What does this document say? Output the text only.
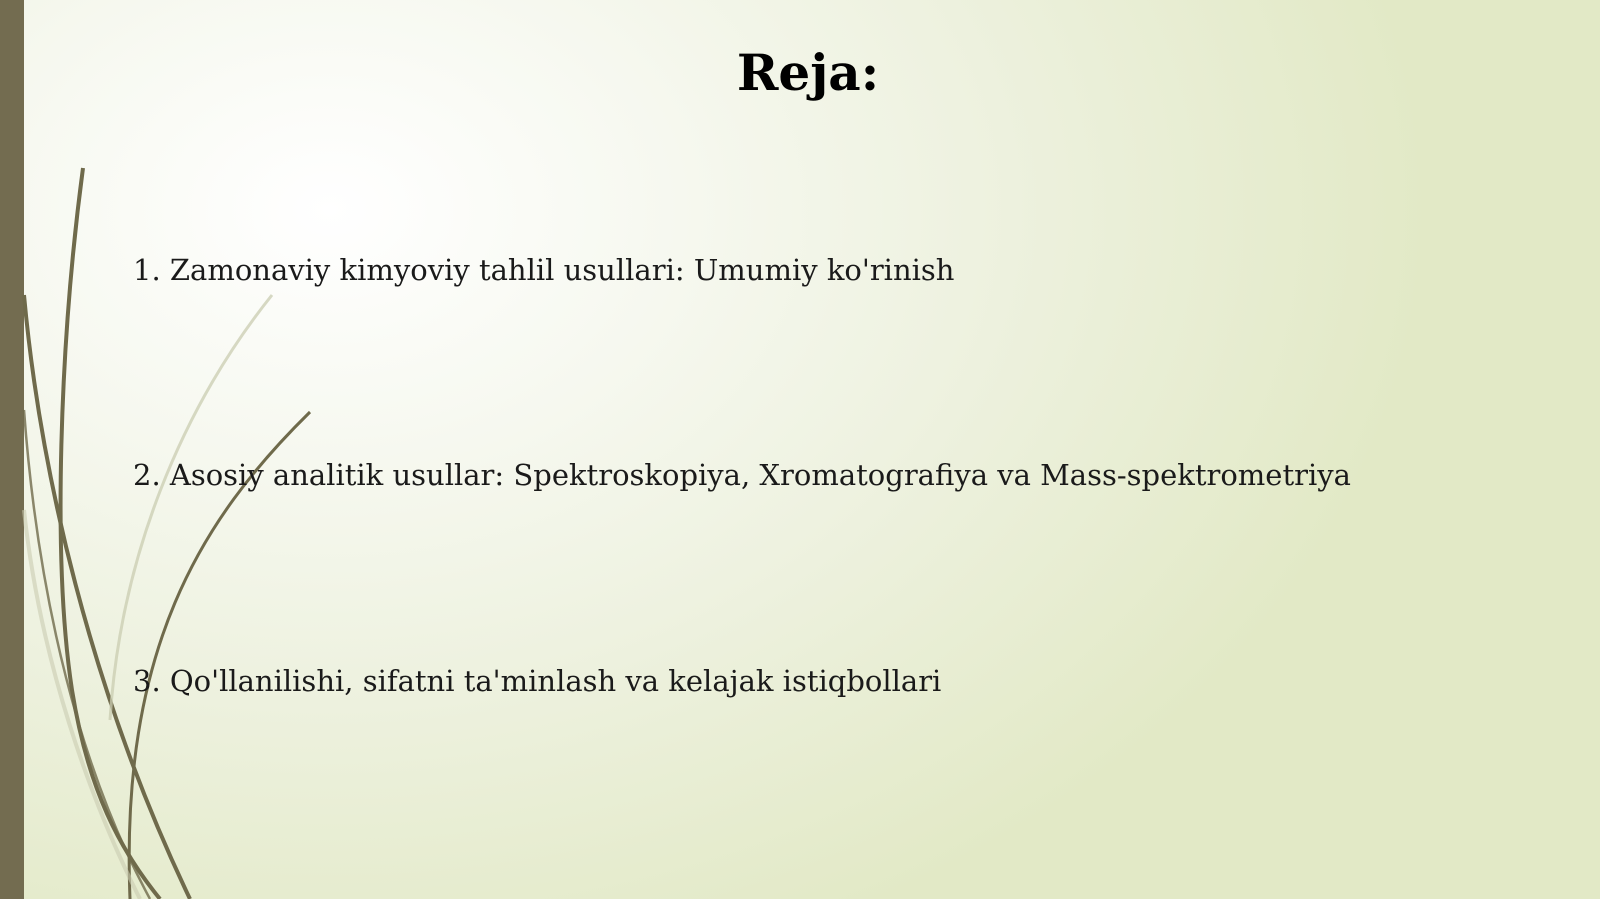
Reja:
1. Zamonaviy kimyoviy tahlil usullari: Umumiy ko'rinish
2. Asosiy analitik usullar: Spektroskopiya, Xromatografiya va Mass-spektrometriya
3. Qo'llanilishi, sifatni ta'minlash va kelajak istiqbollari
